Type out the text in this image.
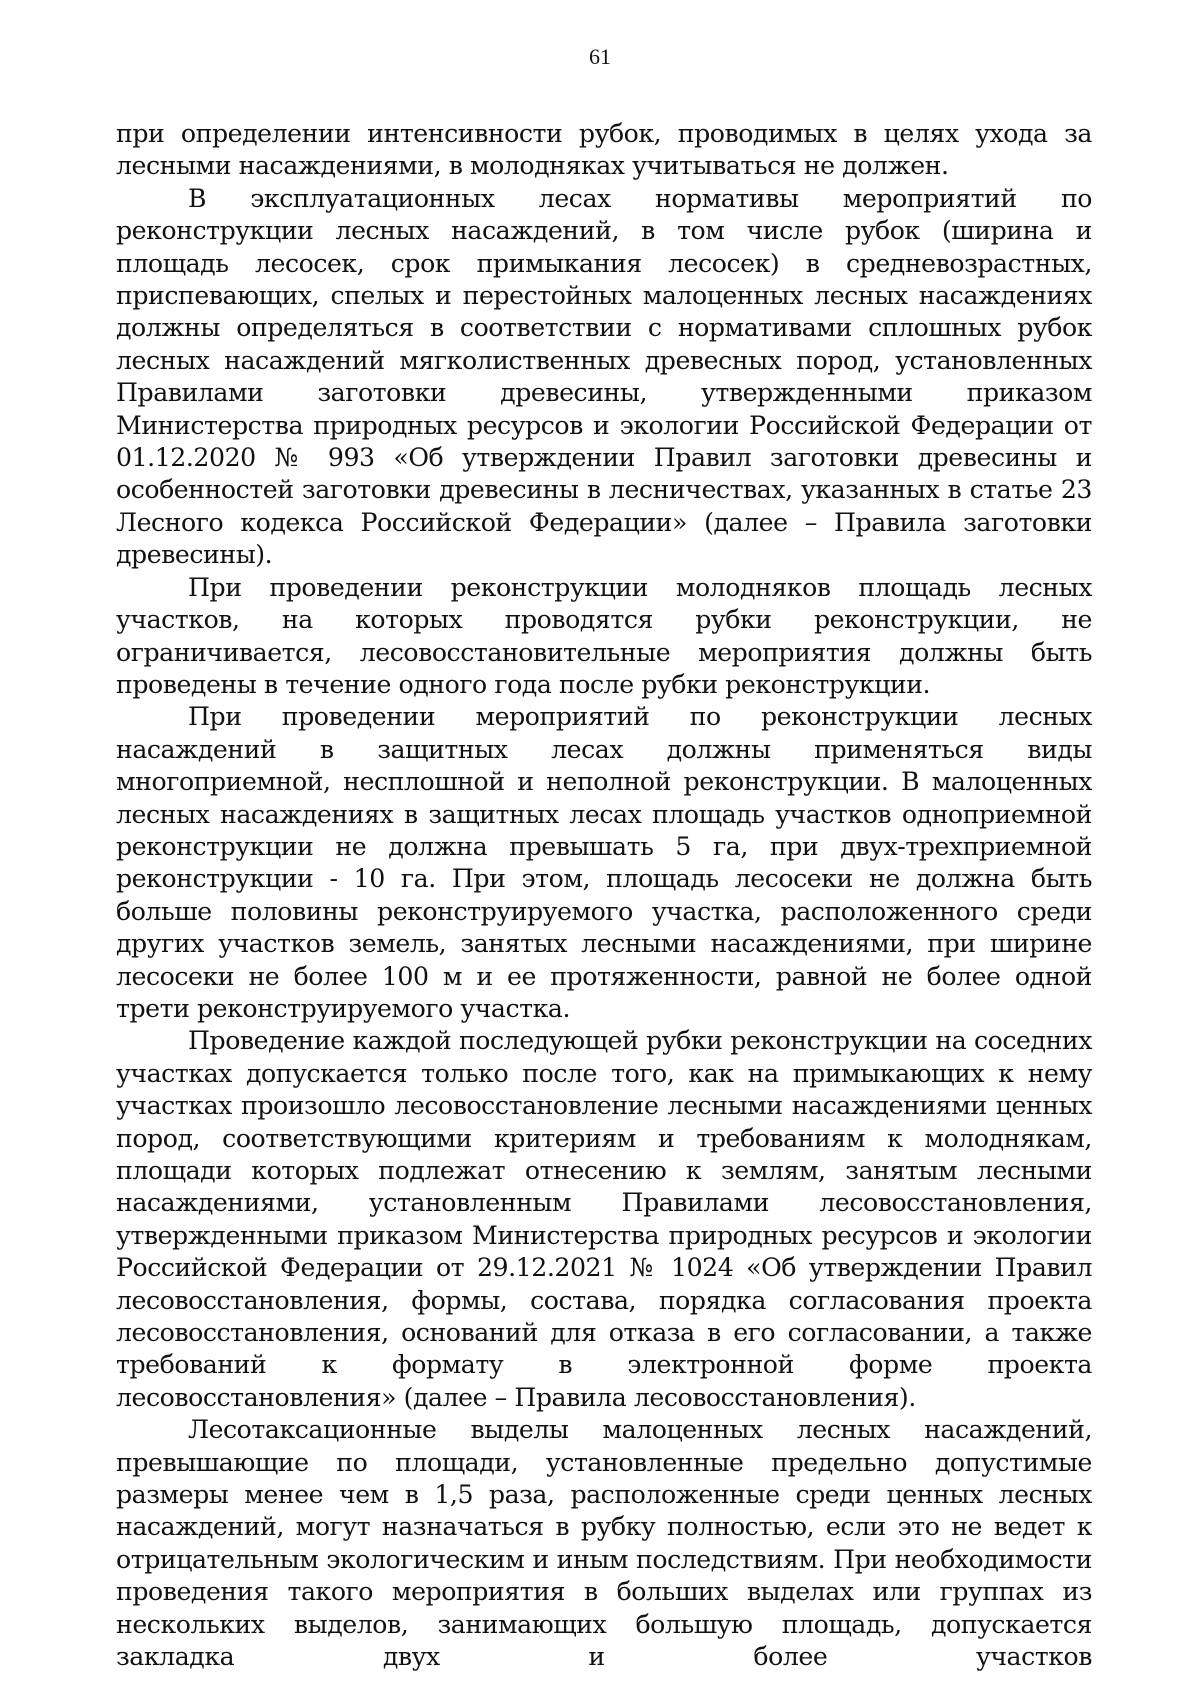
61

при определении интенсивности рубок, проводимых в целях ухода за лесными насаждениями, в молодняках учитываться не должен.

В эксплуатационных лесах нормативы мероприятий по реконструкции лесных насаждений, в том числе рубок (ширина и площадь лесосек, срок примыкания лесосек) в средневозрастных, приспевающих, спелых и перестойных малоценных лесных насаждениях должны определяться в соответствии с нормативами сплошных рубок лесных насаждений мягколиственных древесных пород, установленных Правилами заготовки древесины, утвержденными приказом Министерства природных ресурсов и экологии Российской Федерации от 01.12.2020 № 993 «Об утверждении Правил заготовки древесины и особенностей заготовки древесины в лесничествах, указанных в статье 23 Лесного кодекса Российской Федерации» (далее – Правила заготовки древесины).

При проведении реконструкции молодняков площадь лесных участков, на которых проводятся рубки реконструкции, не ограничивается, лесовосстановительные мероприятия должны быть проведены в течение одного года после рубки реконструкции.

При проведении мероприятий по реконструкции лесных насаждений в защитных лесах должны применяться виды многоприемной, несплошной и неполной реконструкции. В малоценных лесных насаждениях в защитных лесах площадь участков одноприемной реконструкции не должна превышать 5 га, при двух-трехприемной реконструкции - 10 га. При этом, площадь лесосеки не должна быть больше половины реконструируемого участка, расположенного среди других участков земель, занятых лесными насаждениями, при ширине лесосеки не более 100 м и ее протяженности, равной не более одной трети реконструируемого участка.

Проведение каждой последующей рубки реконструкции на соседних участках допускается только после того, как на примыкающих к нему участках произошло лесовосстановление лесными насаждениями ценных пород, соответствующими критериям и требованиям к молоднякам, площади которых подлежат отнесению к землям, занятым лесными насаждениями, установленным Правилами лесовосстановления, утвержденными приказом Министерства природных ресурсов и экологии Российской Федерации от 29.12.2021 № 1024 «Об утверждении Правил лесовосстановления, формы, состава, порядка согласования проекта лесовосстановления, оснований для отказа в его согласовании, а также требований к формату в электронной форме проекта лесовосстановления» (далее – Правила лесовосстановления).

Лесотаксационные выделы малоценных лесных насаждений, превышающие по площади, установленные предельно допустимые размеры менее чем в 1,5 раза, расположенные среди ценных лесных насаждений, могут назначаться в рубку полностью, если это не ведет к отрицательным экологическим и иным последствиям. При необходимости проведения такого мероприятия в больших выделах или группах из нескольких выделов, занимающих большую площадь, допускается закладка двух и более участков
